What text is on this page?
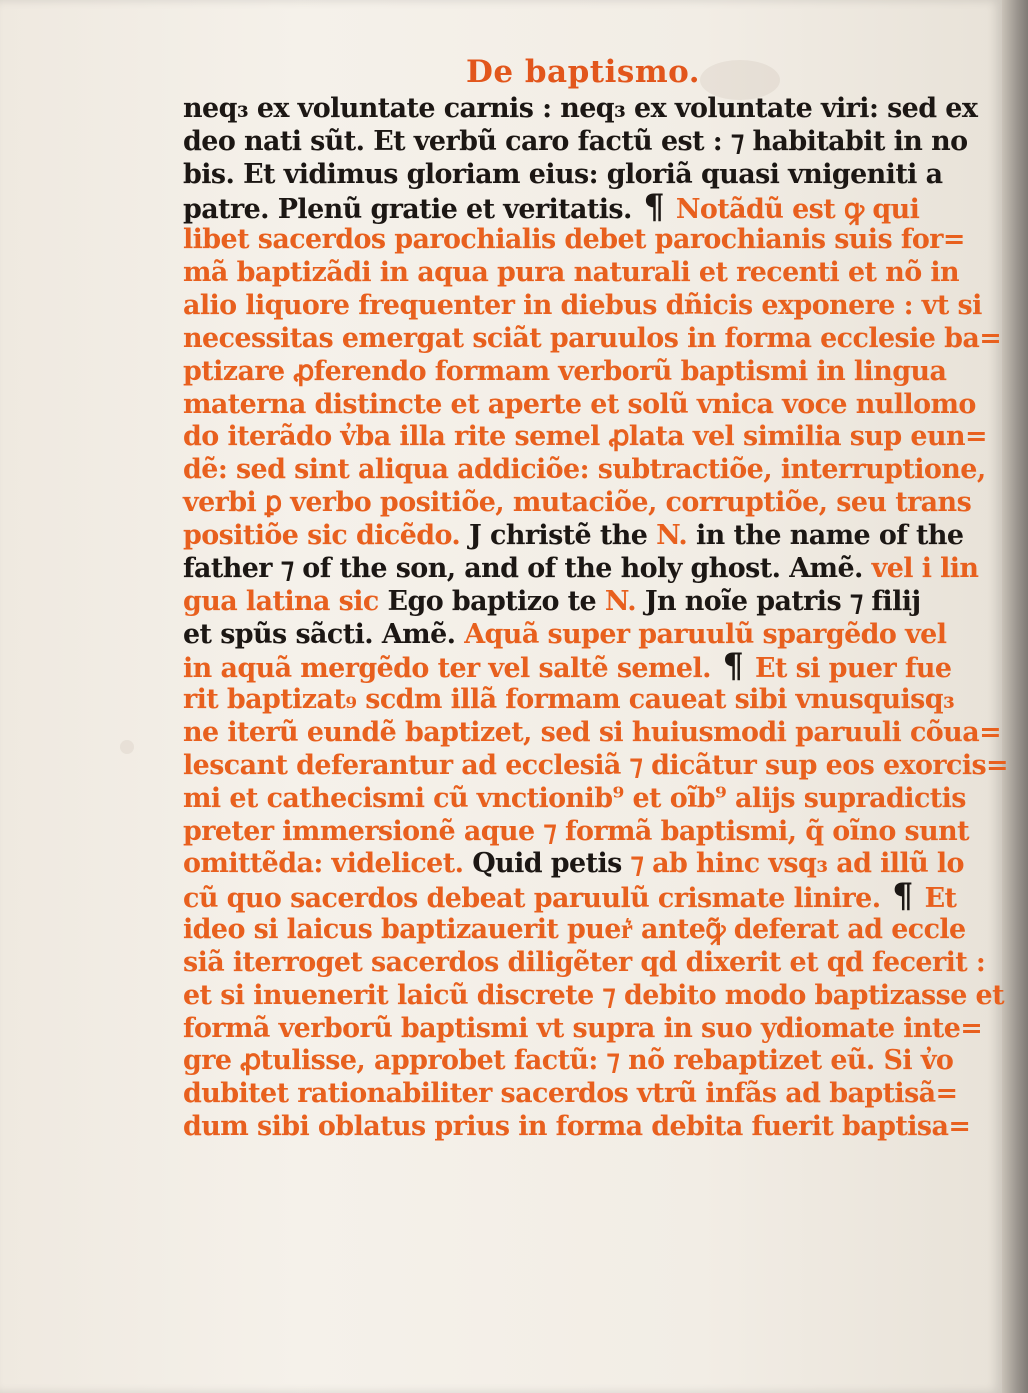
De baptismo.
neq₃ ex voluntate carnis : neq₃ ex voluntate viri: sed ex
deo nati sũt. Et verbũ caro factũ est : ⁊ habitabit in no
bis. Et vidimus gloriam eius: gloriã quasi vnigeniti a
patre. Plenũ gratie et veritatis. ¶ Notãdũ est ꝙ qui
libet sacerdos parochialis debet parochianis suis for=
mã baptizãdi in aqua pura naturali et recenti et nõ in
alio liquore frequenter in diebus dñicis exponere : vt si
necessitas emergat sciãt paruulos in forma ecclesie ba=
ptizare ꝓferendo formam verborũ baptismi in lingua
materna distincte et aperte et solũ vnica voce nullomo
do iterãdo v̓ba illa rite semel ꝓlata vel similia sup eun=
dẽ: sed sint aliqua addiciõe: subtractiõe, interruptione,
verbi ꝑ verbo positiõe, mutaciõe, corruptiõe, seu trans
positiõe sic dicẽdo. J christẽ the N. in the name of the
father ⁊ of the son, and of the holy ghost. Amẽ. vel i lin
gua latina sic Ego baptizo te N. Jn noĩe patris ⁊ filij
et spũs sãcti. Amẽ. Aquã super paruulũ spargẽdo vel
in aquã mergẽdo ter vel saltẽ semel. ¶ Et si puer fue
rit baptizat₉ scdm illã formam caueat sibi vnusquisq₃
ne iterũ eundẽ baptizet, sed si huiusmodi paruuli cõua=
lescant deferantur ad ecclesiã ⁊ dicãtur sup eos exorcis=
mi et cathecismi cũ vnctionib⁹ et oĩb⁹ alijs supradictis
preter immersionẽ aque ⁊ formã baptismi, q̃ oĩno sunt
omittẽda: videlicet. Quid petis ⁊ ab hinc vsq₃ ad illũ lo
cũ quo sacerdos debeat paruulũ crismate linire. ¶ Et
ideo si laicus baptizauerit puer͛ anteꝙ̃ deferat ad eccle
siã iterroget sacerdos diligẽter qd dixerit et qd fecerit :
et si inuenerit laicũ discrete ⁊ debito modo baptizasse et
formã verborũ baptismi vt supra in suo ydiomate inte=
gre ꝓtulisse, approbet factũ: ⁊ nõ rebaptizet eũ. Si v̓o
dubitet rationabiliter sacerdos vtrũ infãs ad baptisã=
dum sibi oblatus prius in forma debita fuerit baptisa=
